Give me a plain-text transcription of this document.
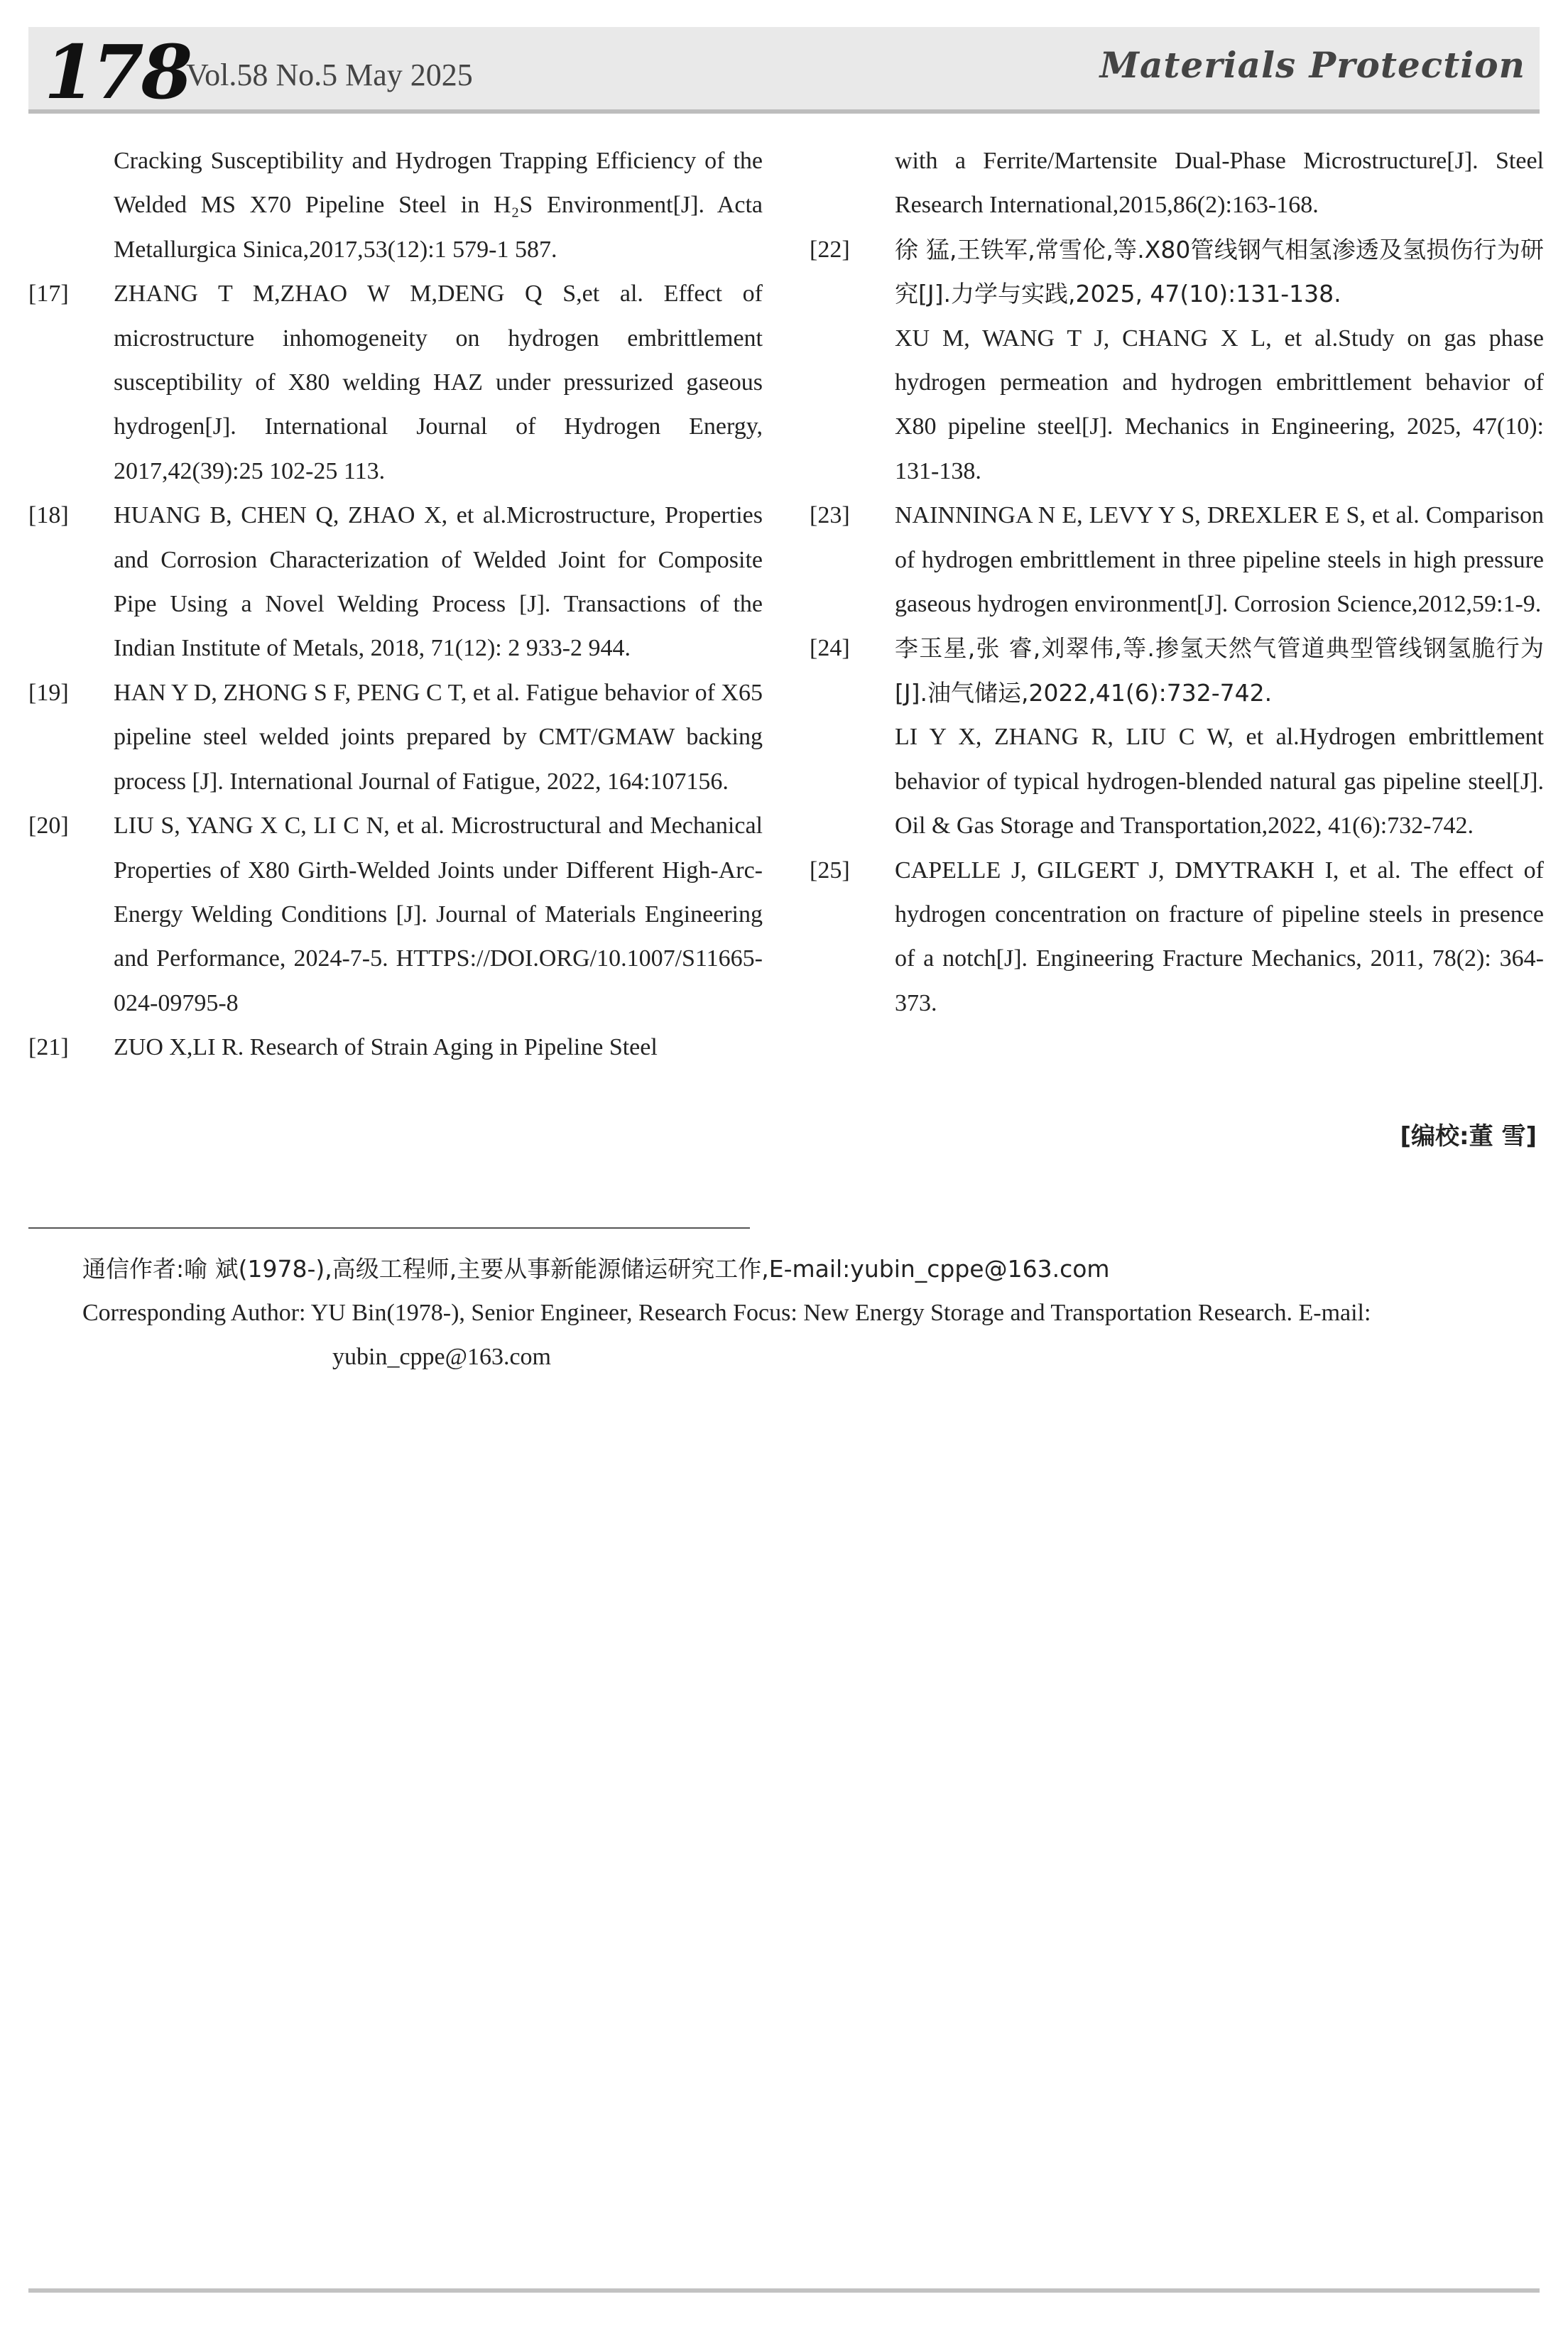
178
Vol.58 No.5 May 2025	Materials Protection
Cracking Susceptibility and Hydrogen Trapping Efficiency of the Welded MS X70 Pipeline Steel in H₂S Environment[J]. Acta Metallurgica Sinica,2017,53(12):1 579-1 587.
[17] ZHANG T M,ZHAO W M,DENG Q S,et al. Effect of microstructure inhomogeneity on hydrogen embrittlement susceptibility of X80 welding HAZ under pressurized gaseous hydrogen[J]. International Journal of Hydrogen Energy, 2017,42(39):25 102-25 113.
[18] HUANG B, CHEN Q, ZHAO X, et al.Microstructure, Properties and Corrosion Characterization of Welded Joint for Composite Pipe Using a Novel Welding Process [J]. Transactions of the Indian Institute of Metals, 2018, 71(12): 2 933-2 944.
[19] HAN Y D, ZHONG S F, PENG C T, et al. Fatigue behavior of X65 pipeline steel welded joints prepared by CMT/GMAW backing process [J]. International Journal of Fatigue, 2022, 164:107156.
[20] LIU S, YANG X C, LI C N, et al. Microstructural and Mechanical Properties of X80 Girth-Welded Joints under Different High-Arc-Energy Welding Conditions [J]. Journal of Materials Engineering and Performance, 2024-7-5. HTTPS://DOI.ORG/10.1007/S11665-024-09795-8
[21] ZUO X,LI R. Research of Strain Aging in Pipeline Steel
with a Ferrite/Martensite Dual-Phase Microstructure[J]. Steel Research International,2015,86(2):163-168.
[22] 徐 猛,王铁军,常雪伦,等.X80管线钢气相氢渗透及氢损伤行为研究[J].力学与实践,2025, 47(10):131-138.
XU M, WANG T J, CHANG X L, et al.Study on gas phase hydrogen permeation and hydrogen embrittlement behavior of X80 pipeline steel[J]. Mechanics in Engineering, 2025, 47(10): 131-138.
[23] NAINNINGA N E, LEVY Y S, DREXLER E S, et al. Comparison of hydrogen embrittlement in three pipeline steels in high pressure gaseous hydrogen environment[J]. Corrosion Science,2012,59:1-9.
[24] 李玉星,张 睿,刘翠伟,等.掺氢天然气管道典型管线钢氢脆行为[J].油气储运,2022,41(6):732-742.
LI Y X, ZHANG R, LIU C W, et al.Hydrogen embrittlement behavior of typical hydrogen-blended natural gas pipeline steel[J]. Oil & Gas Storage and Transportation,2022, 41(6):732-742.
[25] CAPELLE J, GILGERT J, DMYTRAKH I, et al. The effect of hydrogen concentration on fracture of pipeline steels in presence of a notch[J]. Engineering Fracture Mechanics, 2011, 78(2): 364-373.
[编校:董 雪]
通信作者:喻 斌(1978-),高级工程师,主要从事新能源储运研究工作,E-mail:yubin_cppe@163.com
Corresponding Author: YU Bin(1978-), Senior Engineer, Research Focus: New Energy Storage and Transportation Research. E-mail:
yubin_cppe@163.com
